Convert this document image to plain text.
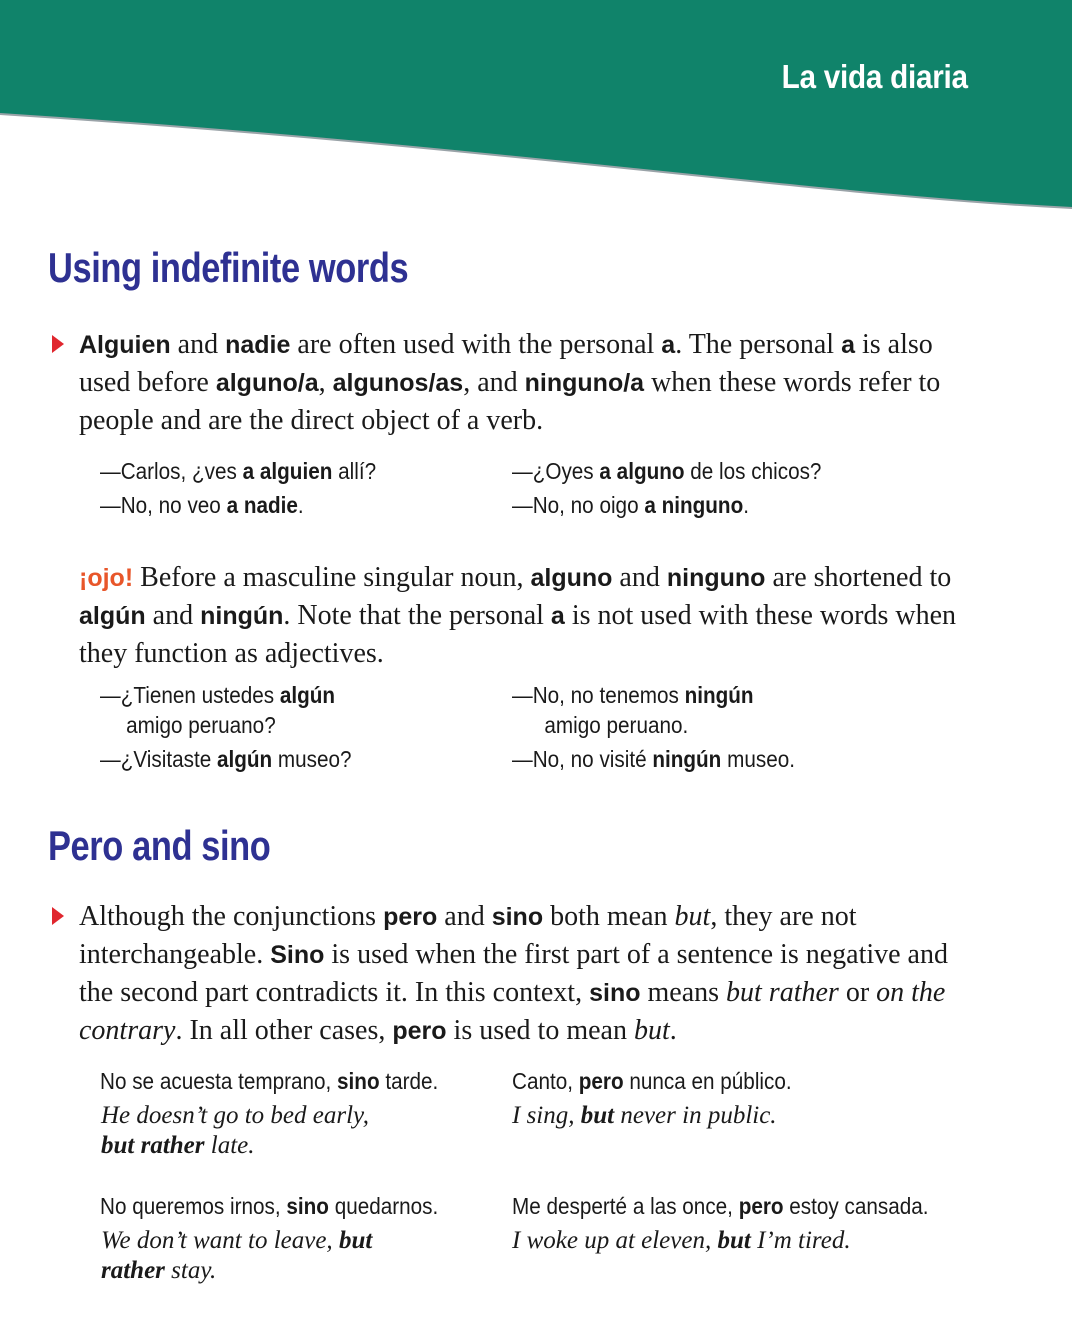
La vida diaria
Using indefinite words

Alguien and nadie are often used with the personal a. The personal a is also used before alguno/a, algunos/as, and ninguno/a when these words refer to people and are the direct object of a verb.

—Carlos, ¿ves a alguien allí?
—No, no veo a nadie.
—¿Oyes a alguno de los chicos?
—No, no oigo a ninguno.

¡ojo! Before a masculine singular noun, alguno and ninguno are shortened to algún and ningún. Note that the personal a is not used with these words when they function as adjectives.

—¿Tienen ustedes algún
amigo peruano?
—¿Visitaste algún museo?
—No, no tenemos ningún
amigo peruano.
—No, no visité ningún museo.
Pero and sino

Although the conjunctions pero and sino both mean but, they are not interchangeable. Sino is used when the first part of a sentence is negative and the second part contradicts it. In this context, sino means but rather or on the contrary. In all other cases, pero is used to mean but.

No se acuesta temprano, sino tarde.
He doesn’t go to bed early,
but rather late.
Canto, pero nunca en público.
I sing, but never in public.
No queremos irnos, sino quedarnos.
We don’t want to leave, but
rather stay.
Me desperté a las once, pero estoy cansada.
I woke up at eleven, but I’m tired.
